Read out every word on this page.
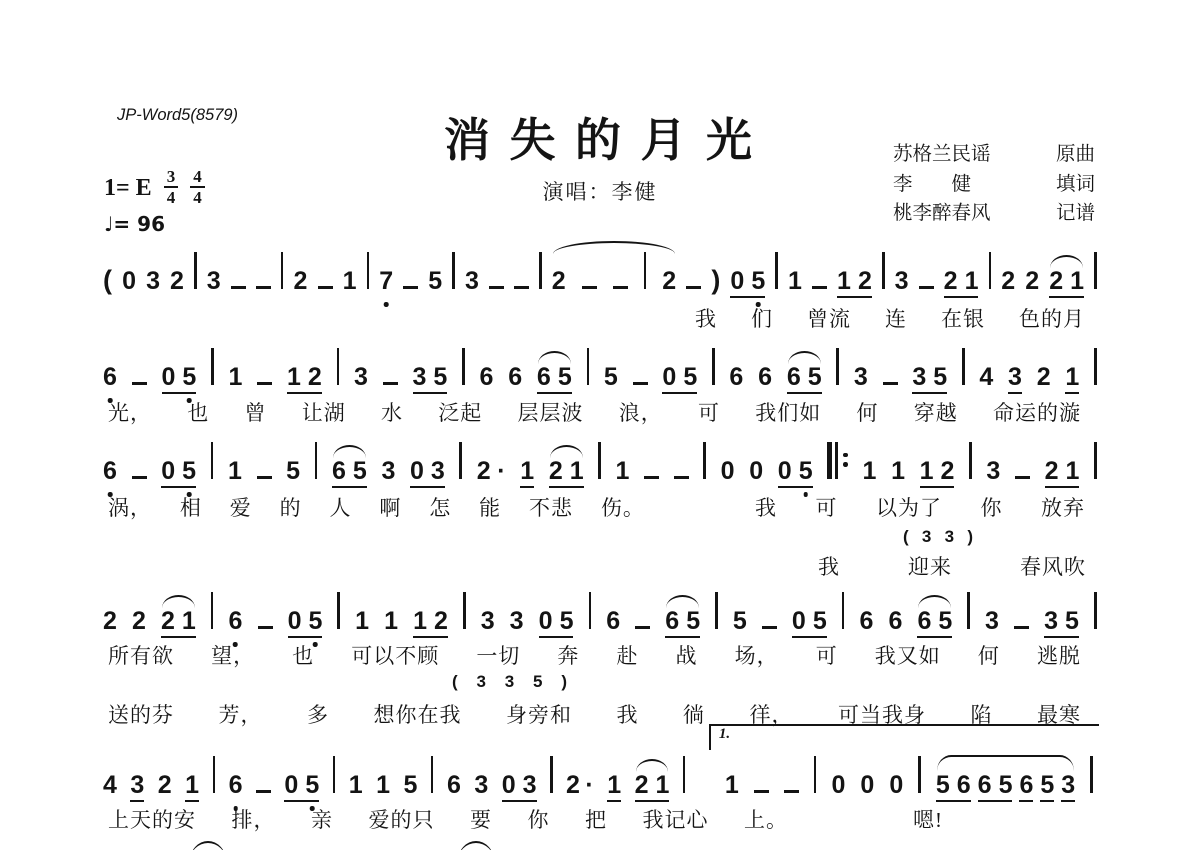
JP-Word5(8579)	消 失 的 月 光
演唱：李健
苏格兰民谣	原曲
李        健	填词
桃李醉春风	记谱
1= E $\frac{3}{4} \frac{4}{4}$
♩= 96
( 0 3 2 3	2 1 7 5 3	2	2 ) 0 5 1 1 2 3 2 1 2 2 2 1
6 0 5 1 1 2 3 3 5 6 6 6 5 5 0 5 6 6 6 5 3 3 5 4 3 2 1
6 0 5 1 5 6 5 3 0 3 2 · 1 2 1 1	0 0 0 5 1 1 1 2 3 2 1
2 2 2 1 6 0 5 1 1 1 2 3 3 0 5 6 6 5 5 0 5 6 6 6 5 3 3 5
4 3 2 1 6 0 5 1 1 5 6 3 0 3 2 · 1 2 1
1.
1	0 0 0 5 6 6 5 6 5 3
我 们 曾流 连 在银 色的月
光， 也 曾 让湖 水 泛起 层层波 浪， 可 我们如 何 穿越 命运的漩
涡， 相 爱 的 人 啊 怎 能 不悲 伤。	我 可 以为了 你 放弃
( 3 3 )
我	迎来	春风吹
所有欲 望， 也 可以不顾 一切 奔 赴 战 场， 可 我又如 何 逃脱
( 3 3 5 )
送的芬 芳， 多 想你在我 身旁和 我 徜 徉， 可当我身 陷 最寒
上天的安 排， 亲 爱的只 要 你 把 我记心 上。	嗯!
